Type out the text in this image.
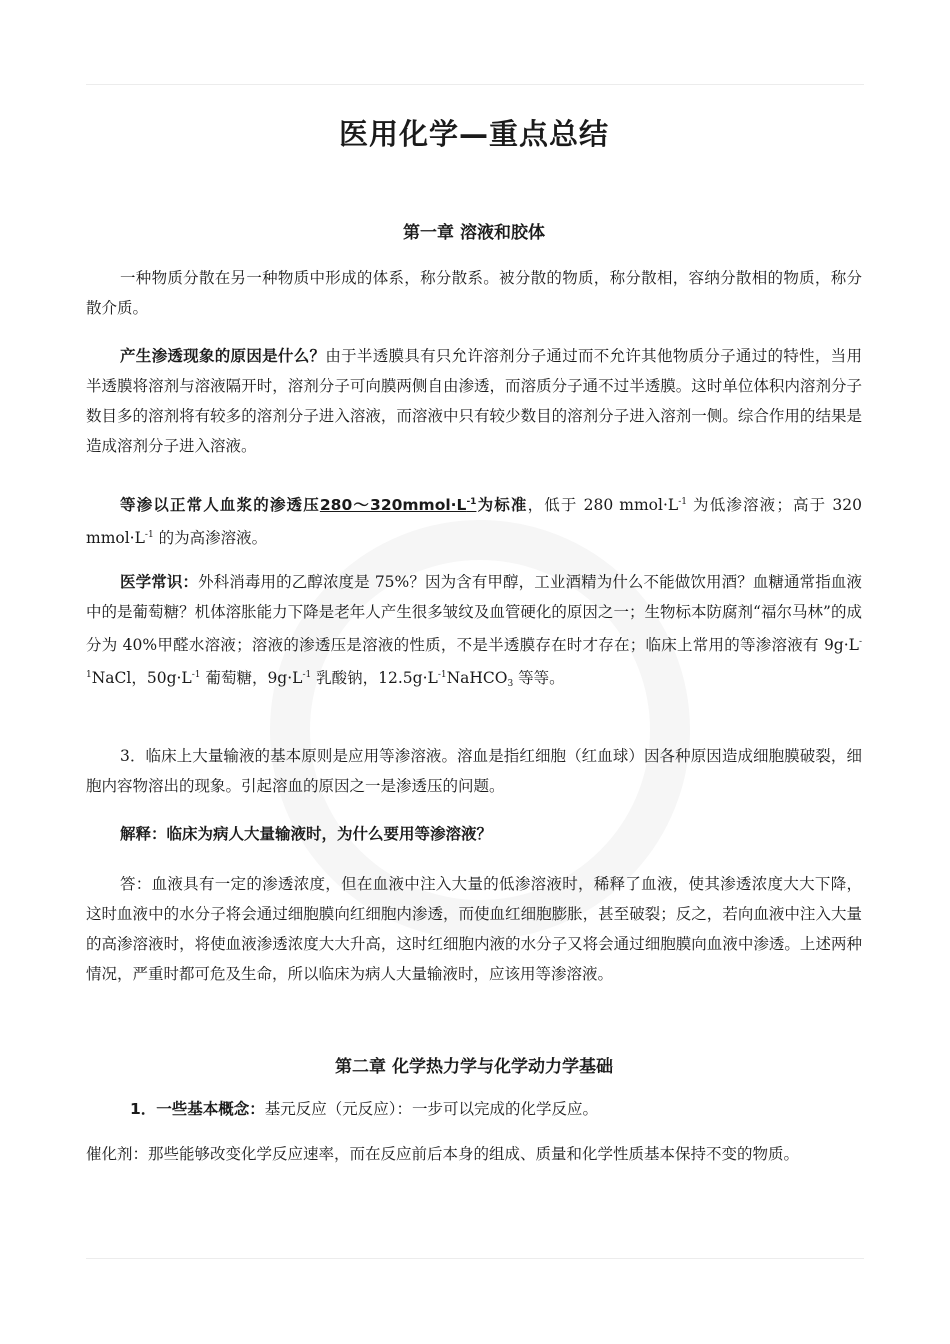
医用化学—重点总结
第一章 溶液和胶体

一种物质分散在另一种物质中形成的体系，称分散系。被分散的物质，称分散相，容纳分散相的物质，称分散介质。

产生渗透现象的原因是什么？由于半透膜具有只允许溶剂分子通过而不允许其他物质分子通过的特性，当用半透膜将溶剂与溶液隔开时，溶剂分子可向膜两侧自由渗透，而溶质分子通不过半透膜。这时单位体积内溶剂分子数目多的溶剂将有较多的溶剂分子进入溶液，而溶液中只有较少数目的溶剂分子进入溶剂一侧。综合作用的结果是造成溶剂分子进入溶液。

等渗以正常人血浆的渗透压$280\sim 320mmol\cdot L^{-1}$为标准，低于 280 $mmol\cdot L^{-1}$ 为低渗溶液；高于 320 $mmol\cdot L^{-1}$ 的为高渗溶液。

医学常识：外科消毒用的乙醇浓度是 75%？因为含有甲醇，工业酒精为什么不能做饮用酒？血糖通常指血液中的是葡萄糖？机体溶胀能力下降是老年人产生很多皱纹及血管硬化的原因之一；生物标本防腐剂“福尔马林”的成分为 40%甲醛水溶液；溶液的渗透压是溶液的性质，不是半透膜存在时才存在；临床上常用的等渗溶液有 $9g\cdot L^{-1}NaCl$，$50g\cdot L^{-1}$ 葡萄糖，$9g\cdot L^{-1}$ 乳酸钠，$12.5g\cdot L^{-1}NaHCO_3$ 等等。

3．临床上大量输液的基本原则是应用等渗溶液。溶血是指红细胞（红血球）因各种原因造成细胞膜破裂，细胞内容物溶出的现象。引起溶血的原因之一是渗透压的问题。

解释：临床为病人大量输液时，为什么要用等渗溶液？

答：血液具有一定的渗透浓度，但在血液中注入大量的低渗溶液时，稀释了血液，使其渗透浓度大大下降，这时血液中的水分子将会通过细胞膜向红细胞内渗透，而使血红细胞膨胀，甚至破裂；反之，若向血液中注入大量的高渗溶液时，将使血液渗透浓度大大升高，这时红细胞内液的水分子又将会通过细胞膜向血液中渗透。上述两种情况，严重时都可危及生命，所以临床为病人大量输液时，应该用等渗溶液。

第二章 化学热力学与化学动力学基础

1．一些基本概念：基元反应（元反应）：一步可以完成的化学反应。

催化剂：那些能够改变化学反应速率，而在反应前后本身的组成、质量和化学性质基本保持不变的物质。
